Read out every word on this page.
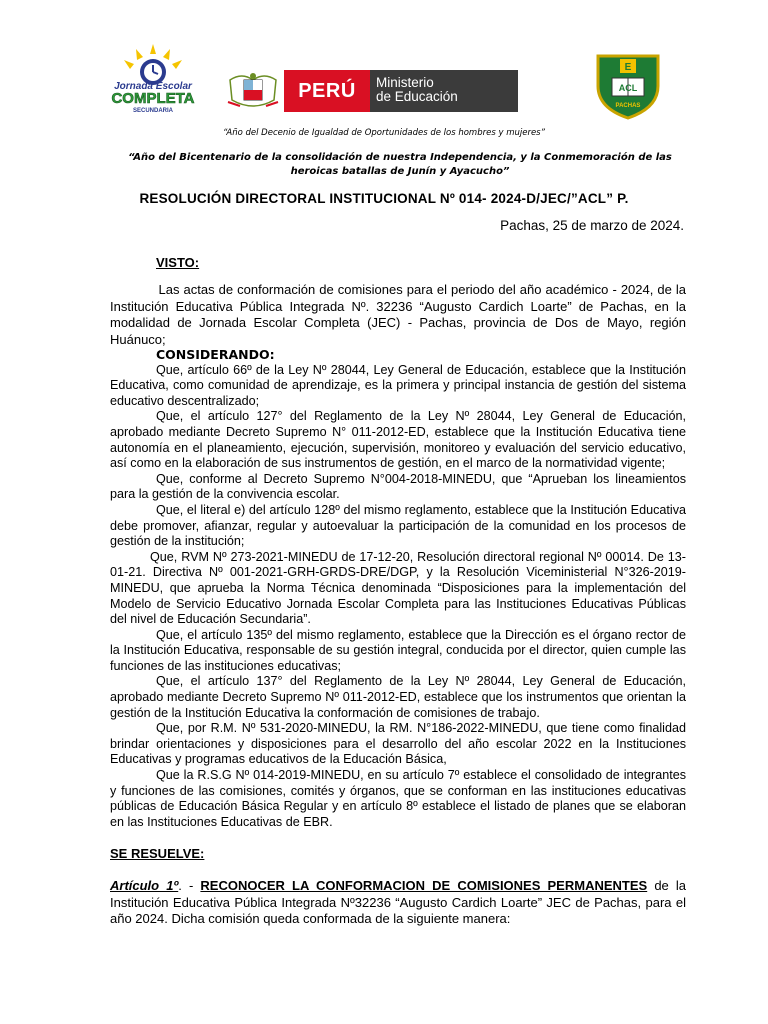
Jornada Escolar
COMPLETA
SECUNDARIA
PERÚ	Ministerio
de Educación
E
ACL
PACHAS
“Año del Decenio de Igualdad de Oportunidades de los hombres y mujeres”
“Año del Bicentenario de la consolidación de nuestra Independencia, y la Conmemoración de las heroicas batallas de Junín y Ayacucho”
RESOLUCIÓN DIRECTORAL INSTITUCIONAL Nº 014- 2024-D/JEC/”ACL” P.
Pachas, 25 de marzo de 2024.
VISTO:
Las actas de conformación de comisiones para el periodo del año académico - 2024, de la Institución Educativa Pública Integrada Nº. 32236 “Augusto Cardich Loarte” de Pachas, en la modalidad de Jornada Escolar Completa (JEC) - Pachas, provincia de Dos de Mayo, región Huánuco;
CONSIDERANDO:

Que, artículo 66º de la Ley Nº 28044, Ley General de Educación, establece que la Institución Educativa, como comunidad de aprendizaje, es la primera y principal instancia de gestión del sistema educativo descentralizado;

Que, el artículo 127° del Reglamento de la Ley Nº 28044, Ley General de Educación, aprobado mediante Decreto Supremo N° 011-2012-ED, establece que la Institución Educativa tiene autonomía en el planeamiento, ejecución, supervisión, monitoreo y evaluación del servicio educativo, así como en la elaboración de sus instrumentos de gestión, en el marco de la normatividad vigente;

Que, conforme al Decreto Supremo N°004-2018-MINEDU, que “Aprueban los lineamientos para la gestión de la convivencia escolar.

Que, el literal e) del artículo 128º del mismo reglamento, establece que la Institución Educativa debe promover, afianzar, regular y autoevaluar la participación de la comunidad en los procesos de gestión de la institución;

Que, RVM Nº 273-2021-MINEDU de 17-12-20, Resolución directoral regional Nº 00014. De 13-01-21. Directiva Nº 001-2021-GRH-GRDS-DRE/DGP, y la Resolución Viceministerial N°326-2019-MINEDU, que aprueba la Norma Técnica denominada “Disposiciones para la implementación del Modelo de Servicio Educativo Jornada Escolar Completa para las Instituciones Educativas Públicas del nivel de Educación Secundaria”.

Que, el artículo 135º del mismo reglamento, establece que la Dirección es el órgano rector de la Institución Educativa, responsable de su gestión integral, conducida por el director, quien cumple las funciones de las instituciones educativas;

Que, el artículo 137° del Reglamento de la Ley Nº 28044, Ley General de Educación, aprobado mediante Decreto Supremo Nº 011-2012-ED, establece que los instrumentos que orientan la gestión de la Institución Educativa la conformación de comisiones de trabajo.

Que, por R.M. Nº 531-2020-MINEDU, la RM. N°186-2022-MINEDU, que tiene como finalidad brindar orientaciones y disposiciones para el desarrollo del año escolar 2022 en la Instituciones Educativas y programas educativos de la Educación Básica,

Que la R.S.G Nº 014-2019-MINEDU, en su artículo 7º establece el consolidado de integrantes y funciones de las comisiones, comités y órganos, que se conforman en las instituciones educativas públicas de Educación Básica Regular y en artículo 8º establece el listado de planes que se elaboran en las Instituciones Educativas de EBR.

SE RESUELVE:
Artículo 1º. - RECONOCER LA CONFORMACION DE COMISIONES PERMANENTES de la Institución Educativa Pública Integrada Nº32236 “Augusto Cardich Loarte” JEC de Pachas, para el año 2024. Dicha comisión queda conformada de la siguiente manera:
